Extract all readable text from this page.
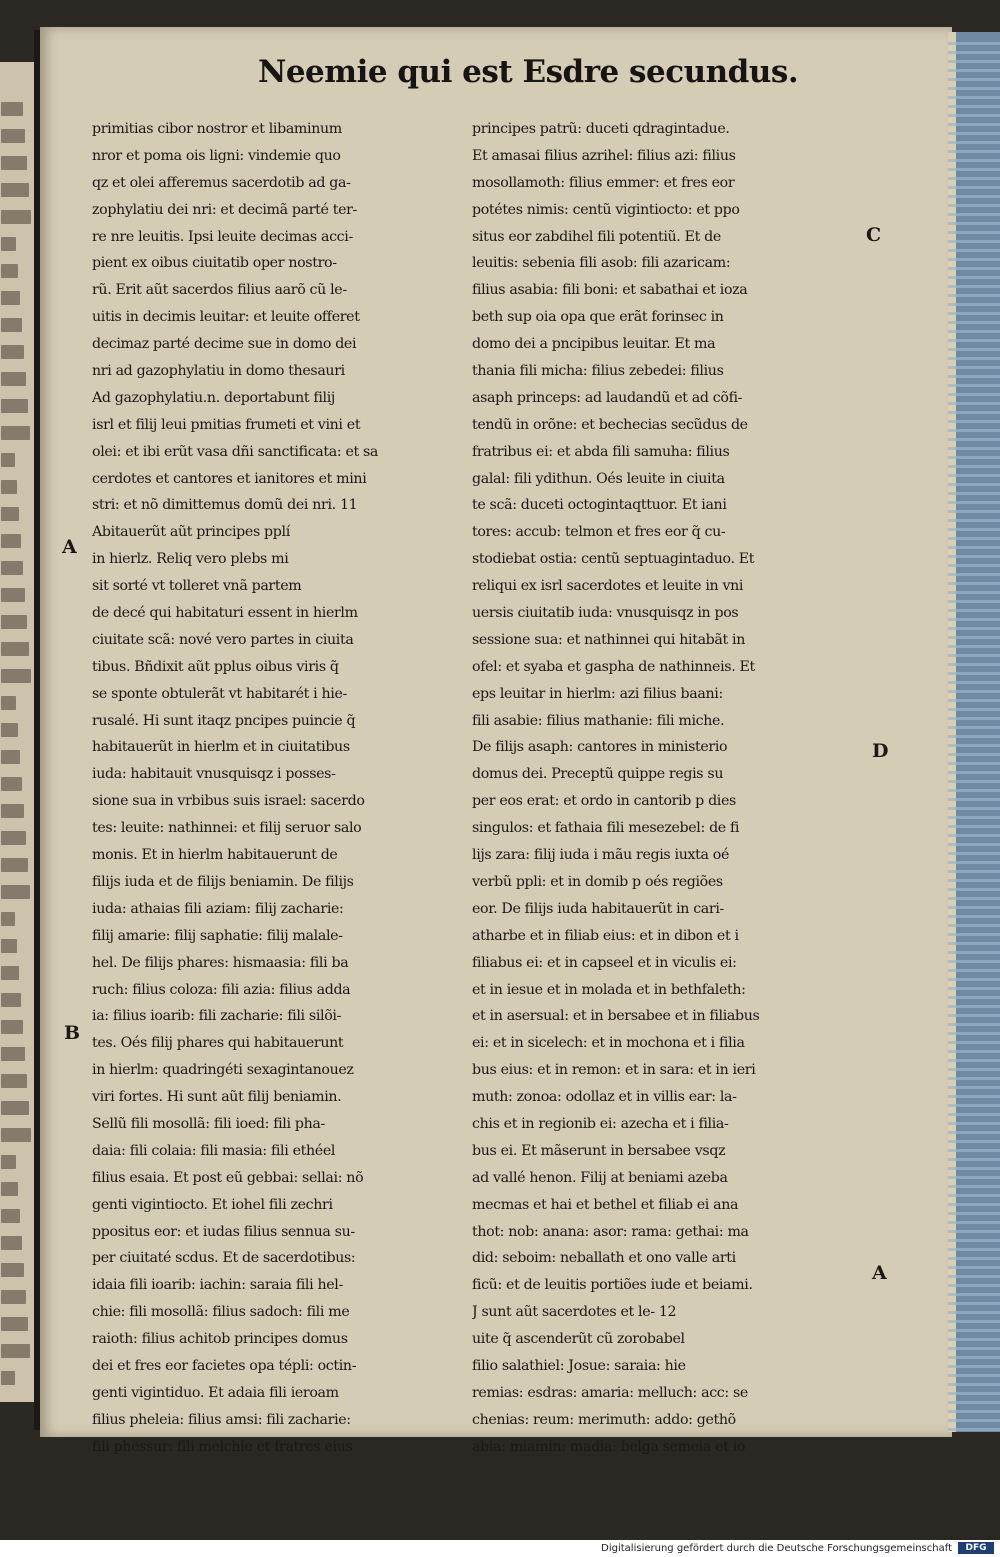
Neemie qui est Esdre secundus.
primitias cibor nostror et libaminum
nror et poma ois ligni: vindemie quo
qz et olei afferemus sacerdotib ad ga-
zophylatiu dei nri: et decimã parté ter-
re nre leuitis. Ipsi leuite decimas acci-
pient ex oibus ciuitatib oper nostro-
rũ. Erit aũt sacerdos filius aarõ cũ le-
uitis in decimis leuitar: et leuite offeret
decimaz parté decime sue in domo dei
nri ad gazophylatiu in domo thesauri
Ad gazophylatiu.n. deportabunt filij
isrl et filij leui pmitias frumeti et vini et
olei: et ibi erũt vasa dñi sanctificata: et sa
cerdotes et cantores et ianitores et mini
stri: et nõ dimittemus domũ dei nri. 11
Abitauerũt aũt principes pplí
in hierlz. Reliq vero plebs mi
sit sorté vt tolleret vnã partem
de decé qui habitaturi essent in hierlm
ciuitate scã: nové vero partes in ciuita
tibus. Bñdixit aũt pplus oibus viris q̃
se sponte obtulerãt vt habitarét i hie-
rusalé. Hi sunt itaqz pncipes puincie q̃
habitauerũt in hierlm et in ciuitatibus
iuda: habitauit vnusquisqz i posses-
sione sua in vrbibus suis israel: sacerdo
tes: leuite: nathinnei: et filij seruor salo
monis. Et in hierlm habitauerunt de
filijs iuda et de filijs beniamin. De filijs
iuda: athaias fili aziam: filij zacharie:
filij amarie: filij saphatie: filij malale-
hel. De filijs phares: hismaasia: fili ba
ruch: filius coloza: fili azia: filius adda
ia: filius ioarib: fili zacharie: fili silõi-
tes. Oés filij phares qui habitauerunt
in hierlm: quadringéti sexagintanouez
viri fortes. Hi sunt aũt filij beniamin.
Sellũ fili mosollã: fili ioed: fili pha-
daia: fili colaia: fili masia: fili ethéel
filius esaia. Et post eũ gebbai: sellai: nõ
genti vigintiocto. Et iohel fili zechri
ppositus eor: et iudas filius sennua su-
per ciuitaté scdus. Et de sacerdotibus:
idaia fili ioarib: iachin: saraia fili hel-
chie: fili mosollã: filius sadoch: fili me
raioth: filius achitob principes domus
dei et fres eor facietes opa tépli: octin-
genti vigintiduo. Et adaia fili ieroam
filius pheleia: filius amsi: fili zacharie:
fili phessur: fili melchie et fratres eius
principes patrũ: duceti qdragintadue.
Et amasai filius azrihel: filius azi: filius
mosollamoth: filius emmer: et fres eor
potétes nimis: centũ vigintiocto: et ppo
situs eor zabdihel fili potentiũ. Et de
leuitis: sebenia fili asob: fili azaricam:
filius asabia: fili boni: et sabathai et ioza
beth sup oia opa que erãt forinsec in
domo dei a pncipibus leuitar. Et ma
thania fili micha: filius zebedei: filius
asaph princeps: ad laudandũ et ad cõfi-
tendũ in orõne: et bechecias secũdus de
fratribus ei: et abda fili samuha: filius
galal: fili ydithun. Oés leuite in ciuita
te scã: duceti octogintaqttuor. Et iani
tores: accub: telmon et fres eor q̃ cu-
stodiebat ostia: centũ septuagintaduo. Et
reliqui ex isrl sacerdotes et leuite in vni
uersis ciuitatib iuda: vnusquisqz in pos
sessione sua: et nathinnei qui hitabãt in
ofel: et syaba et gaspha de nathinneis. Et
eps leuitar in hierlm: azi filius baani:
fili asabie: filius mathanie: fili miche.
De filijs asaph: cantores in ministerio
domus dei. Preceptũ quippe regis su
per eos erat: et ordo in cantorib p dies
singulos: et fathaia fili mesezebel: de fi
lijs zara: filij iuda i mãu regis iuxta oé
verbũ ppli: et in domib p oés regiões
eor. De filijs iuda habitauerũt in cari-
atharbe et in filiab eius: et in dibon et i
filiabus ei: et in capseel et in viculis ei:
et in iesue et in molada et in bethfaleth:
et in asersual: et in bersabee et in filiabus
ei: et in sicelech: et in mochona et i filia
bus eius: et in remon: et in sara: et in ieri
muth: zonoa: odollaz et in villis ear: la-
chis et in regionib ei: azecha et i filia-
bus ei. Et mãserunt in bersabee vsqz
ad vallé henon. Filij at beniami azeba
mecmas et hai et bethel et filiab ei ana
thot: nob: anana: asor: rama: gethai: ma
did: seboim: neballath et ono valle arti
ficũ: et de leuitis portiões iude et beiami.
J sunt aũt sacerdotes et le- 12
uite q̃ ascenderũt cũ zorobabel
filio salathiel: Josue: saraia: hie
remias: esdras: amaria: melluch: acc: se
chenias: reum: merimuth: addo: gethõ
abia: miamin: madia: belga semeia et io
C
A
B
D
A
Digitalisierung gefördert durch die Deutsche Forschungsgemeinschaft	DFG
